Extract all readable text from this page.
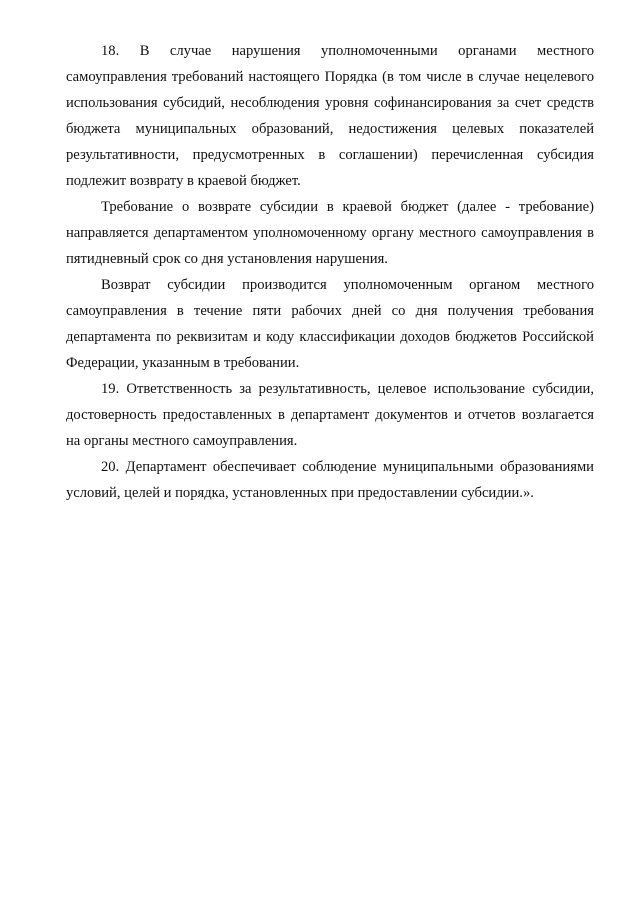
18. В случае нарушения уполномоченными органами местного самоуправления требований настоящего Порядка (в том числе в случае нецелевого использования субсидий, несоблюдения уровня софинансирования за счет средств бюджета муниципальных образований, недостижения целевых показателей результативности, предусмотренных в соглашении) перечисленная субсидия подлежит возврату в краевой бюджет.

Требование о возврате субсидии в краевой бюджет (далее - требование) направляется департаментом уполномоченному органу местного самоуправления в пятидневный срок со дня установления нарушения.

Возврат субсидии производится уполномоченным органом местного самоуправления в течение пяти рабочих дней со дня получения требования департамента по реквизитам и коду классификации доходов бюджетов Российской Федерации, указанным в требовании.

19. Ответственность за результативность, целевое использование субсидии, достоверность предоставленных в департамент документов и отчетов возлагается на органы местного самоуправления.

20. Департамент обеспечивает соблюдение муниципальными образованиями условий, целей и порядка, установленных при предоставлении субсидии.».
